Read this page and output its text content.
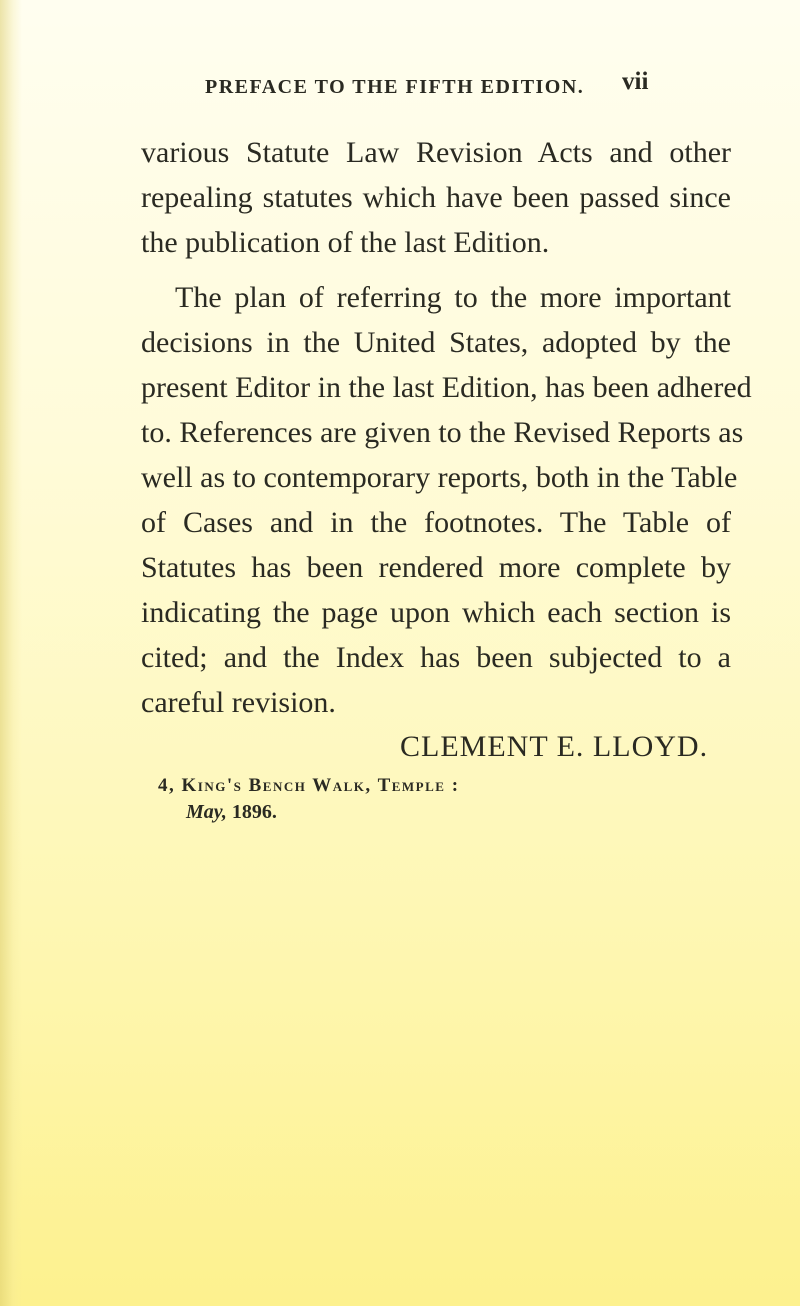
PREFACE TO THE FIFTH EDITION. vii
various Statute Law Revision Acts and other
repealing statutes which have been passed since
the publication of the last Edition.
The plan of referring to the more important
decisions in the United States, adopted by the
present Editor in the last Edition, has been adhered
to. References are given to the Revised Reports as
well as to contemporary reports, both in the Table
of Cases and in the footnotes. The Table of
Statutes has been rendered more complete by
indicating the page upon which each section is
cited; and the Index has been subjected to a
careful revision.
CLEMENT E. LLOYD.
4, King's Bench Walk, Temple :
May, 1896.
